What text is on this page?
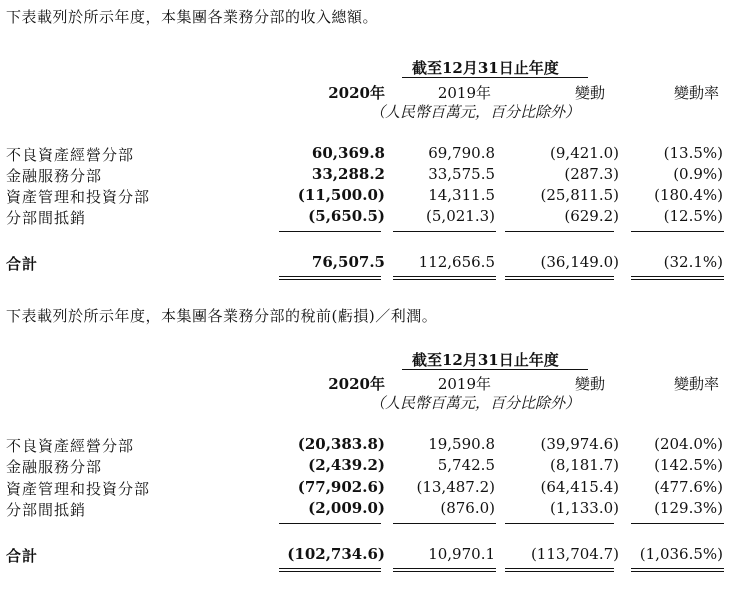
下表載列於所示年度，本集團各業務分部的收入總額。
截至12月31日止年度
2020年	2019年	變動	變動率
（人民幣百萬元，百分比除外）
不良資產經營分部	60,369.8	69,790.8	(9,421.0)	(13.5%)
金融服務分部	33,288.2	33,575.5	(287.3)	(0.9%)
資產管理和投資分部	(11,500.0)	14,311.5	(25,811.5)	(180.4%)
分部間抵銷	(5,650.5)	(5,021.3)	(629.2)	(12.5%)
合計	76,507.5	112,656.5	(36,149.0)	(32.1%)
下表載列於所示年度，本集團各業務分部的稅前(虧損)／利潤。
截至12月31日止年度
2020年	2019年	變動	變動率
（人民幣百萬元，百分比除外）
不良資產經營分部	(20,383.8)	19,590.8	(39,974.6)	(204.0%)
金融服務分部	(2,439.2)	5,742.5	(8,181.7)	(142.5%)
資產管理和投資分部	(77,902.6)	(13,487.2)	(64,415.4)	(477.6%)
分部間抵銷	(2,009.0)	(876.0)	(1,133.0)	(129.3%)
合計	(102,734.6)	10,970.1	(113,704.7)	(1,036.5%)
